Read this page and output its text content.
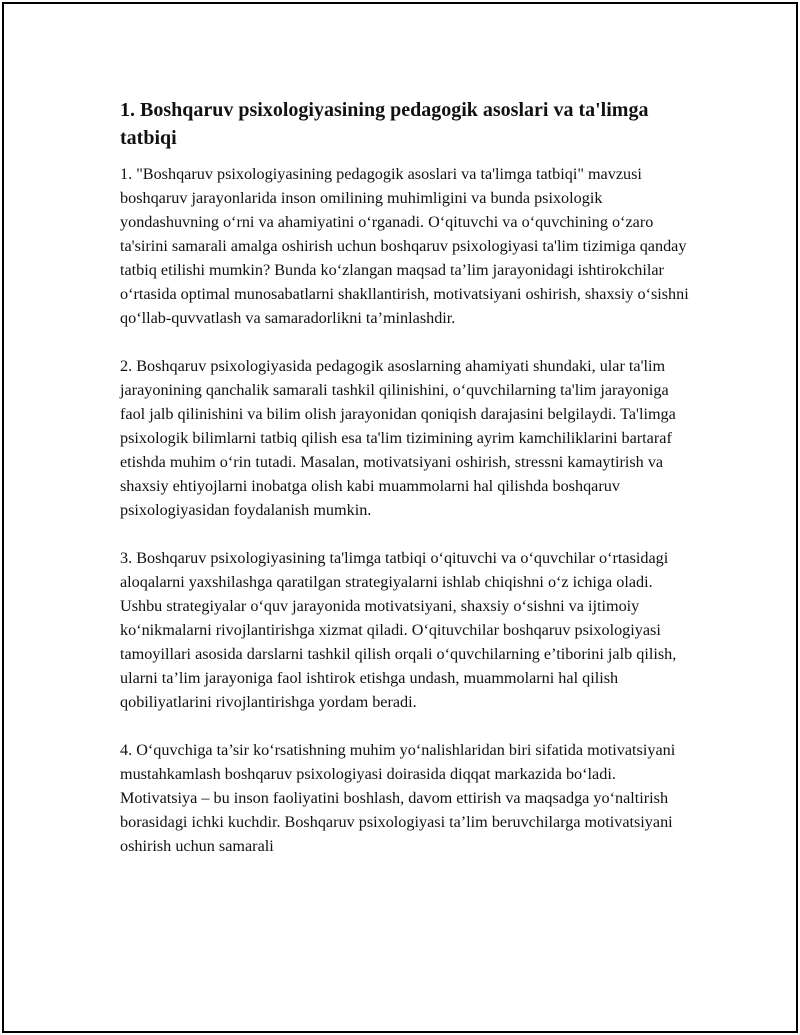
1. Boshqaruv psixologiyasining pedagogik asoslari va ta'limga tatbiqi

1. "Boshqaruv psixologiyasining pedagogik asoslari va ta'limga tatbiqi" mavzusi boshqaruv jarayonlarida inson omilining muhimligini va bunda psixologik yondashuvning o‘rni va ahamiyatini o‘rganadi. O‘qituvchi va o‘quvchining o‘zaro ta'sirini samarali amalga oshirish uchun boshqaruv psixologiyasi ta'lim tizimiga qanday tatbiq etilishi mumkin? Bunda ko‘zlangan maqsad ta’lim jarayonidagi ishtirokchilar o‘rtasida optimal munosabatlarni shakllantirish, motivatsiyani oshirish, shaxsiy o‘sishni qo‘llab-quvvatlash va samaradorlikni ta’minlashdir.

2. Boshqaruv psixologiyasida pedagogik asoslarning ahamiyati shundaki, ular ta'lim jarayonining qanchalik samarali tashkil qilinishini, o‘quvchilarning ta'lim jarayoniga faol jalb qilinishini va bilim olish jarayonidan qoniqish darajasini belgilaydi. Ta'limga psixologik bilimlarni tatbiq qilish esa ta'lim tizimining ayrim kamchiliklarini bartaraf etishda muhim o‘rin tutadi. Masalan, motivatsiyani oshirish, stressni kamaytirish va shaxsiy ehtiyojlarni inobatga olish kabi muammolarni hal qilishda boshqaruv psixologiyasidan foydalanish mumkin.

3. Boshqaruv psixologiyasining ta'limga tatbiqi o‘qituvchi va o‘quvchilar o‘rtasidagi aloqalarni yaxshilashga qaratilgan strategiyalarni ishlab chiqishni o‘z ichiga oladi. Ushbu strategiyalar o‘quv jarayonida motivatsiyani, shaxsiy o‘sishni va ijtimoiy ko‘nikmalarni rivojlantirishga xizmat qiladi. O‘qituvchilar boshqaruv psixologiyasi tamoyillari asosida darslarni tashkil qilish orqali o‘quvchilarning e’tiborini jalb qilish, ularni ta’lim jarayoniga faol ishtirok etishga undash, muammolarni hal qilish qobiliyatlarini rivojlantirishga yordam beradi.

4. O‘quvchiga ta’sir ko‘rsatishning muhim yo‘nalishlaridan biri sifatida motivatsiyani mustahkamlash boshqaruv psixologiyasi doirasida diqqat markazida bo‘ladi. Motivatsiya – bu inson faoliyatini boshlash, davom ettirish va maqsadga yo‘naltirish borasidagi ichki kuchdir. Boshqaruv psixologiyasi ta’lim beruvchilarga motivatsiyani oshirish uchun samarali
